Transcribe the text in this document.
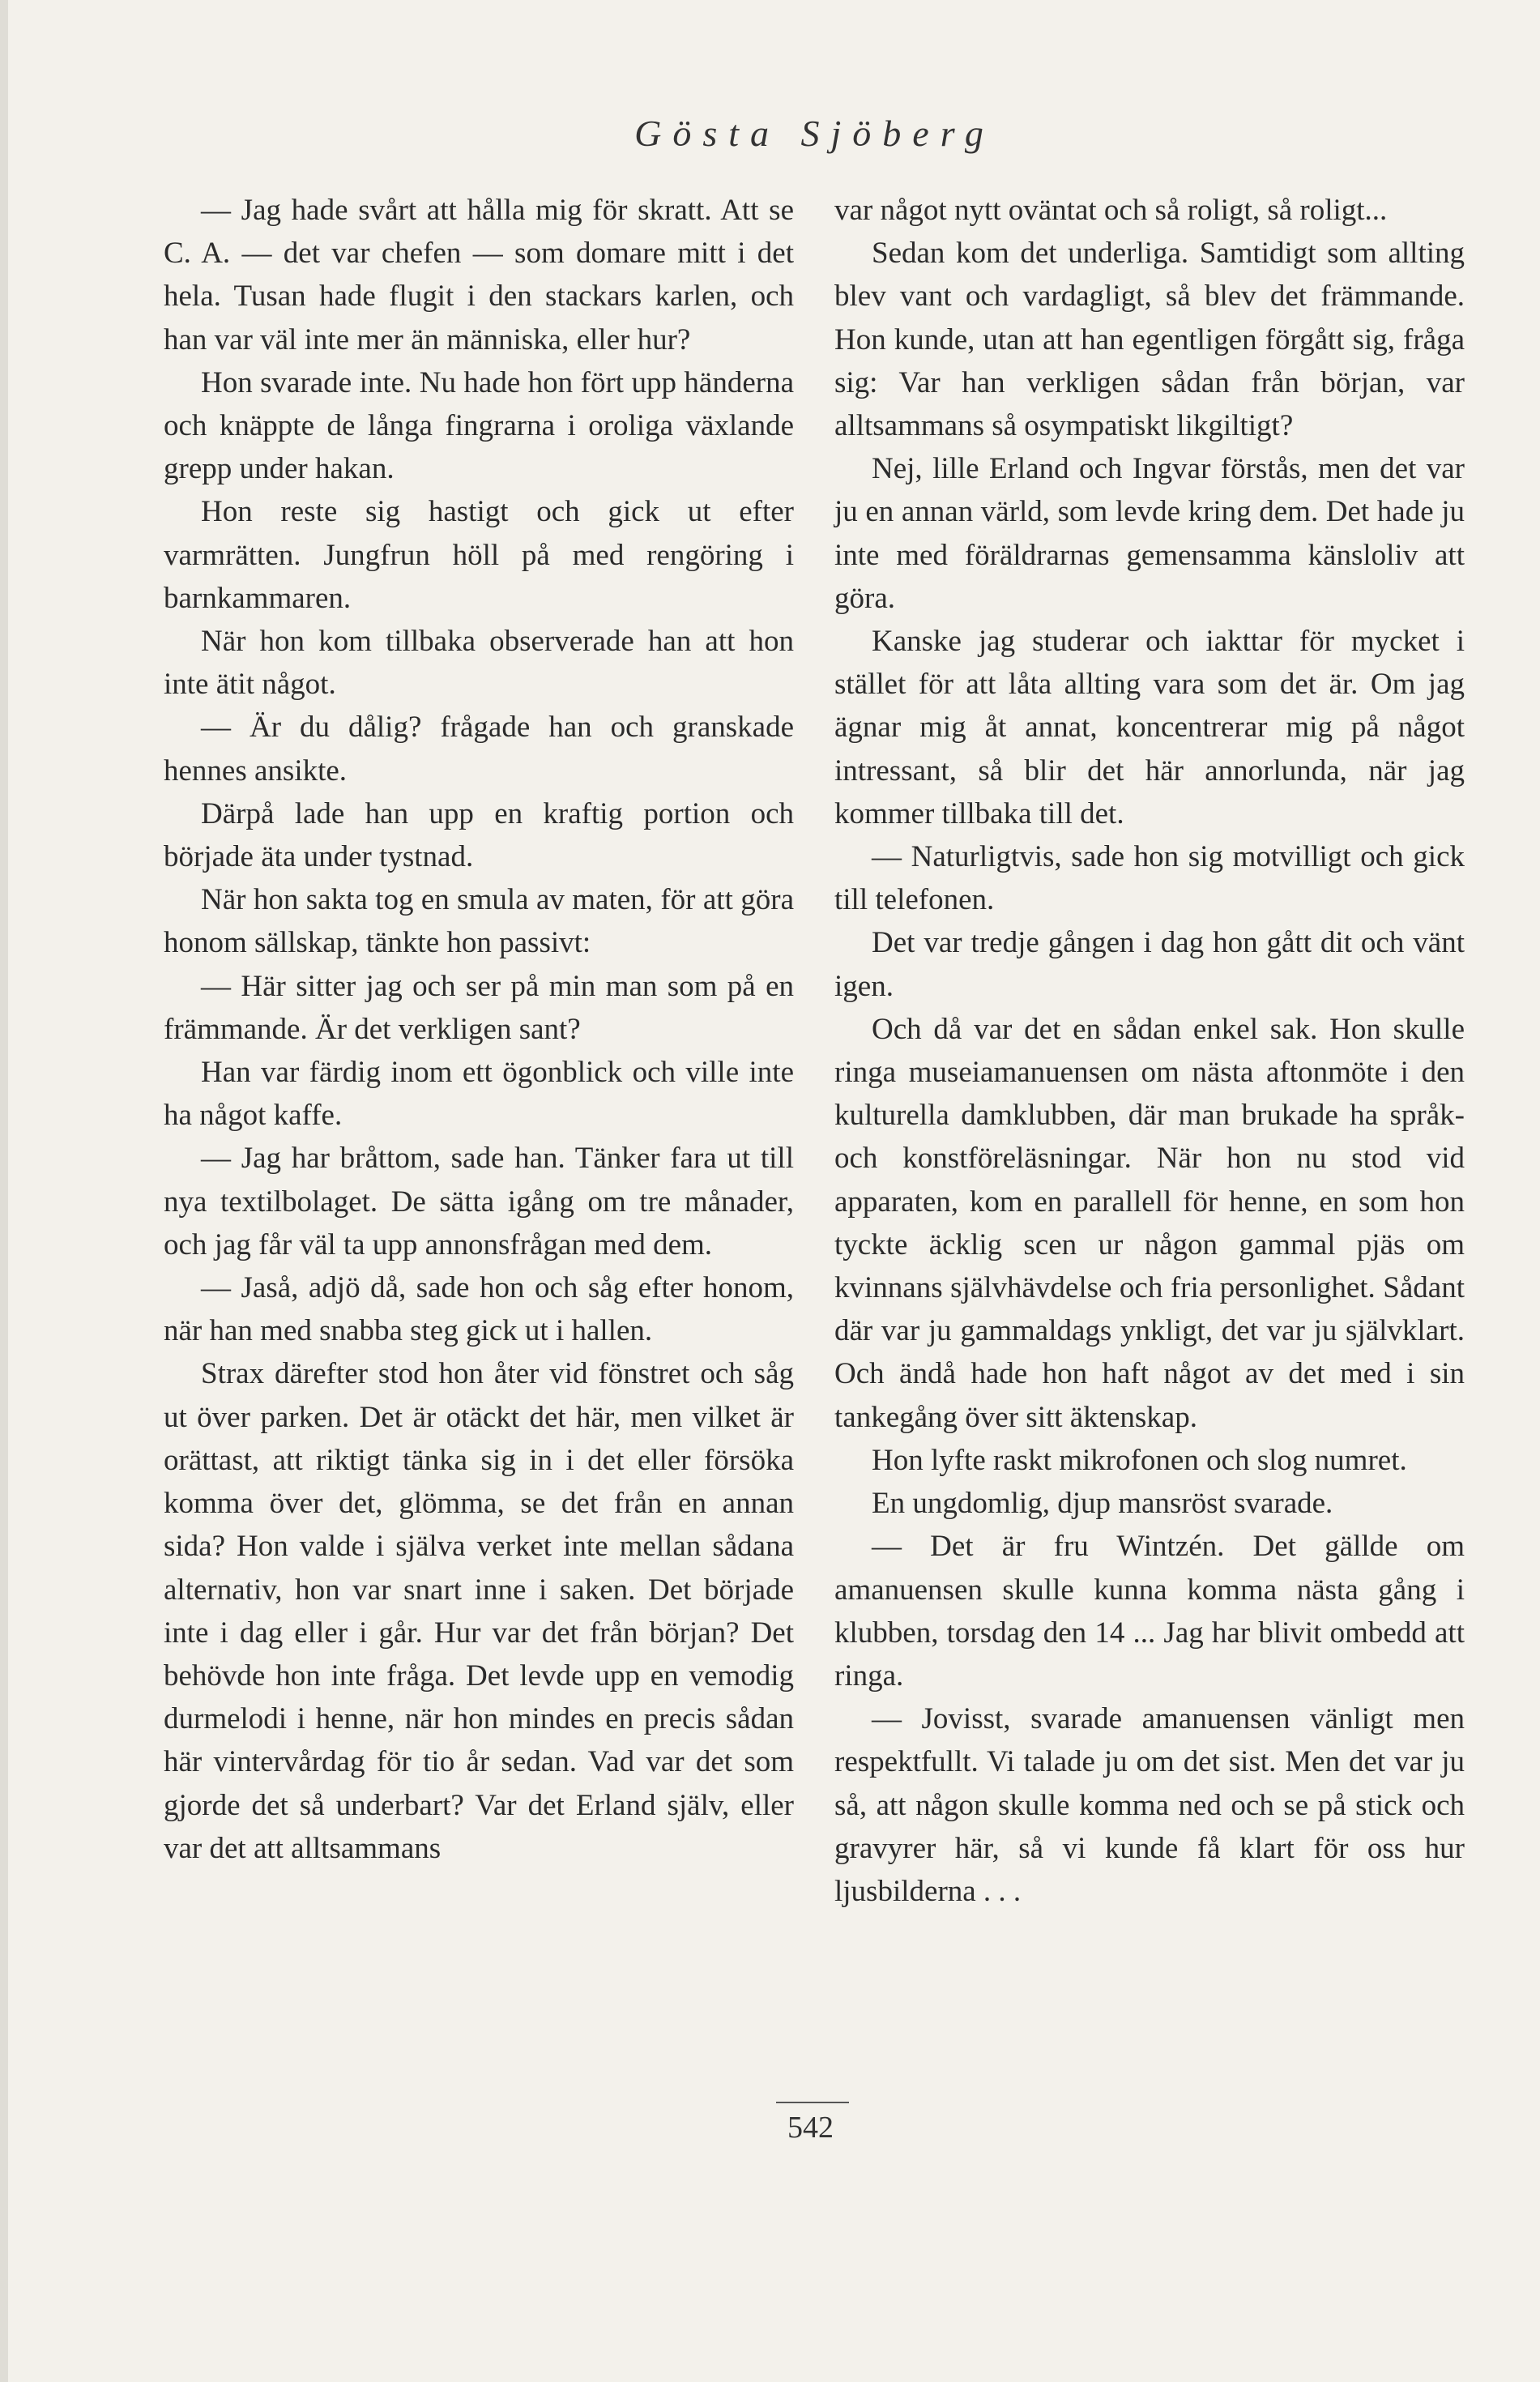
Gösta Sjöberg

— Jag hade svårt att hålla mig för skratt. Att se C. A. — det var chefen — som domare mitt i det hela. Tusan hade flugit i den stackars karlen, och han var väl inte mer än människa, eller hur?

Hon svarade inte. Nu hade hon fört upp händerna och knäppte de långa fingrarna i oroliga växlande grepp under hakan.

Hon reste sig hastigt och gick ut efter varmrätten. Jungfrun höll på med rengöring i barnkammaren.

När hon kom tillbaka observerade han att hon inte ätit något.

— Är du dålig? frågade han och granskade hennes ansikte.

Därpå lade han upp en kraftig portion och började äta under tystnad.

När hon sakta tog en smula av maten, för att göra honom sällskap, tänkte hon passivt:

— Här sitter jag och ser på min man som på en främmande. Är det verkligen sant?

Han var färdig inom ett ögonblick och ville inte ha något kaffe.

— Jag har bråttom, sade han. Tänker fara ut till nya textilbolaget. De sätta igång om tre månader, och jag får väl ta upp annonsfrågan med dem.

— Jaså, adjö då, sade hon och såg efter honom, när han med snabba steg gick ut i hallen.

Strax därefter stod hon åter vid fönstret och såg ut över parken. Det är otäckt det här, men vilket är orättast, att riktigt tänka sig in i det eller försöka komma över det, glömma, se det från en annan sida? Hon valde i själva verket inte mellan sådana alternativ, hon var snart inne i saken. Det började inte i dag eller i går. Hur var det från början? Det behövde hon inte fråga. Det levde upp en vemodig durmelodi i henne, när hon mindes en precis sådan här vintervårdag för tio år sedan. Vad var det som gjorde det så underbart? Var det Erland själv, eller var det att alltsammans

var något nytt oväntat och så roligt, så roligt...

Sedan kom det underliga. Samtidigt som allting blev vant och vardagligt, så blev det främmande. Hon kunde, utan att han egentligen förgått sig, fråga sig: Var han verkligen sådan från början, var alltsammans så osympatiskt likgiltigt?

Nej, lille Erland och Ingvar förstås, men det var ju en annan värld, som levde kring dem. Det hade ju inte med föräldrarnas gemensamma känsloliv att göra.

Kanske jag studerar och iakttar för mycket i stället för att låta allting vara som det är. Om jag ägnar mig åt annat, koncentrerar mig på något intressant, så blir det här annorlunda, när jag kommer tillbaka till det.

— Naturligtvis, sade hon sig motvilligt och gick till telefonen.

Det var tredje gången i dag hon gått dit och vänt igen.

Och då var det en sådan enkel sak. Hon skulle ringa museiamanuensen om nästa aftonmöte i den kulturella damklubben, där man brukade ha språk- och konstföreläsningar. När hon nu stod vid apparaten, kom en parallell för henne, en som hon tyckte äcklig scen ur någon gammal pjäs om kvinnans självhävdelse och fria personlighet. Sådant där var ju gammaldags ynkligt, det var ju självklart. Och ändå hade hon haft något av det med i sin tankegång över sitt äktenskap.

Hon lyfte raskt mikrofonen och slog numret.

En ungdomlig, djup mansröst svarade.

— Det är fru Wintzén. Det gällde om amanuensen skulle kunna komma nästa gång i klubben, torsdag den 14 ... Jag har blivit ombedd att ringa.

— Jovisst, svarade amanuensen vänligt men respektfullt. Vi talade ju om det sist. Men det var ju så, att någon skulle komma ned och se på stick och gravyrer här, så vi kunde få klart för oss hur ljusbilderna . . .

542
